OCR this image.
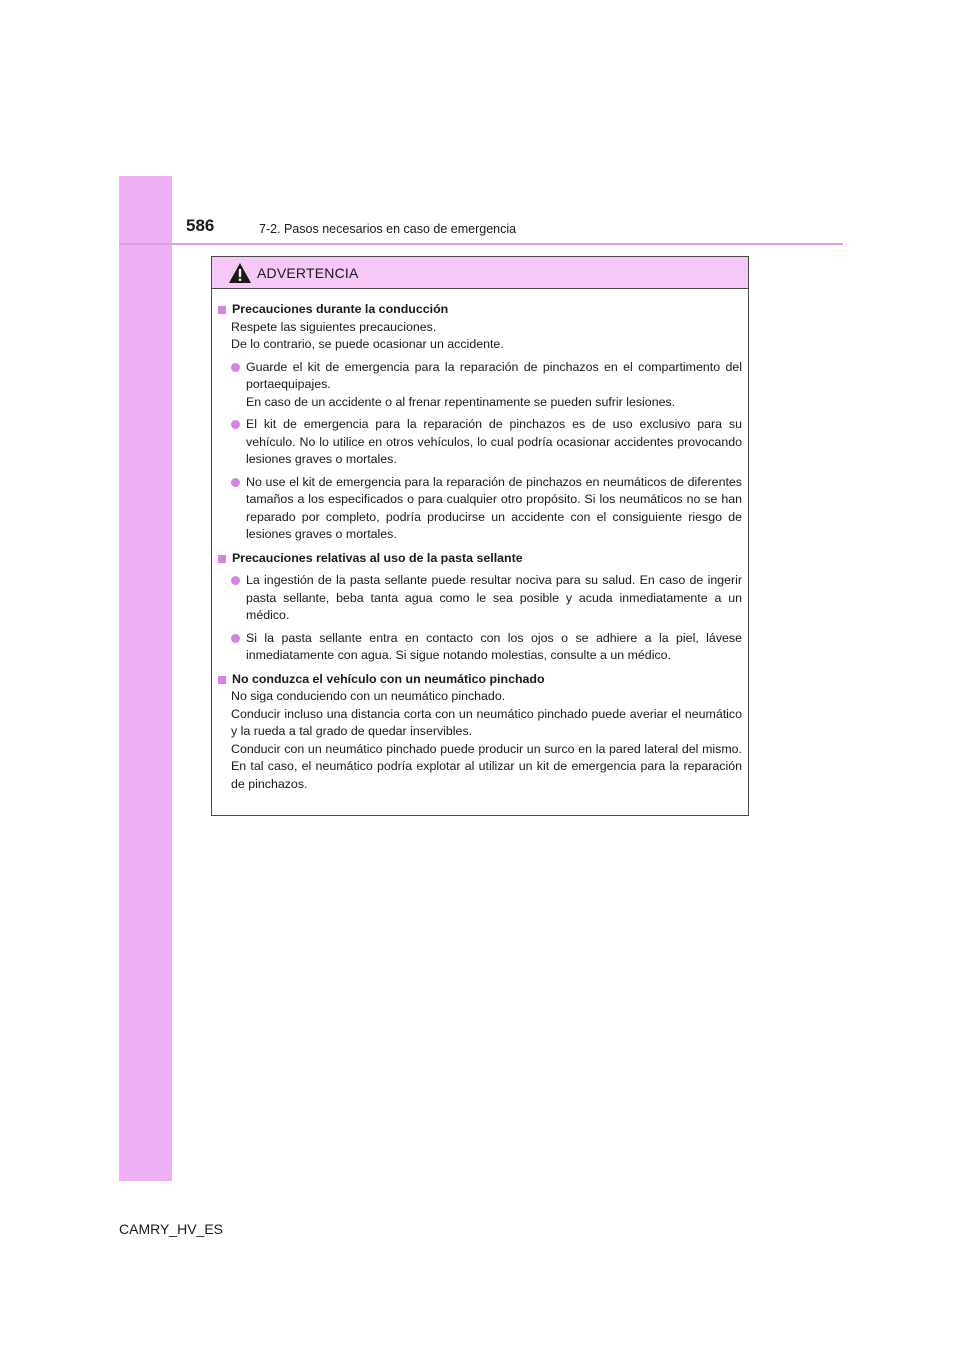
586	7-2. Pasos necesarios en caso de emergencia
ADVERTENCIA
Precauciones durante la conducción
Respete las siguientes precauciones.
De lo contrario, se puede ocasionar un accidente.
Guarde el kit de emergencia para la reparación de pinchazos en el compartimento del portaequipajes.
En caso de un accidente o al frenar repentinamente se pueden sufrir lesiones.
El kit de emergencia para la reparación de pinchazos es de uso exclusivo para su vehículo. No lo utilice en otros vehículos, lo cual podría ocasionar accidentes provocando lesiones graves o mortales.
No use el kit de emergencia para la reparación de pinchazos en neumáticos de diferentes tamaños a los especificados o para cualquier otro propósito. Si los neumáticos no se han reparado por completo, podría producirse un accidente con el consiguiente riesgo de lesiones graves o mortales.
Precauciones relativas al uso de la pasta sellante
La ingestión de la pasta sellante puede resultar nociva para su salud. En caso de ingerir pasta sellante, beba tanta agua como le sea posible y acuda inmediatamente a un médico.
Si la pasta sellante entra en contacto con los ojos o se adhiere a la piel, lávese inmediatamente con agua. Si sigue notando molestias, consulte a un médico.
No conduzca el vehículo con un neumático pinchado
No siga conduciendo con un neumático pinchado.
Conducir incluso una distancia corta con un neumático pinchado puede averiar el neumático y la rueda a tal grado de quedar inservibles.
Conducir con un neumático pinchado puede producir un surco en la pared lateral del mismo. En tal caso, el neumático podría explotar al utilizar un kit de emergencia para la reparación de pinchazos.
CAMRY_HV_ES
